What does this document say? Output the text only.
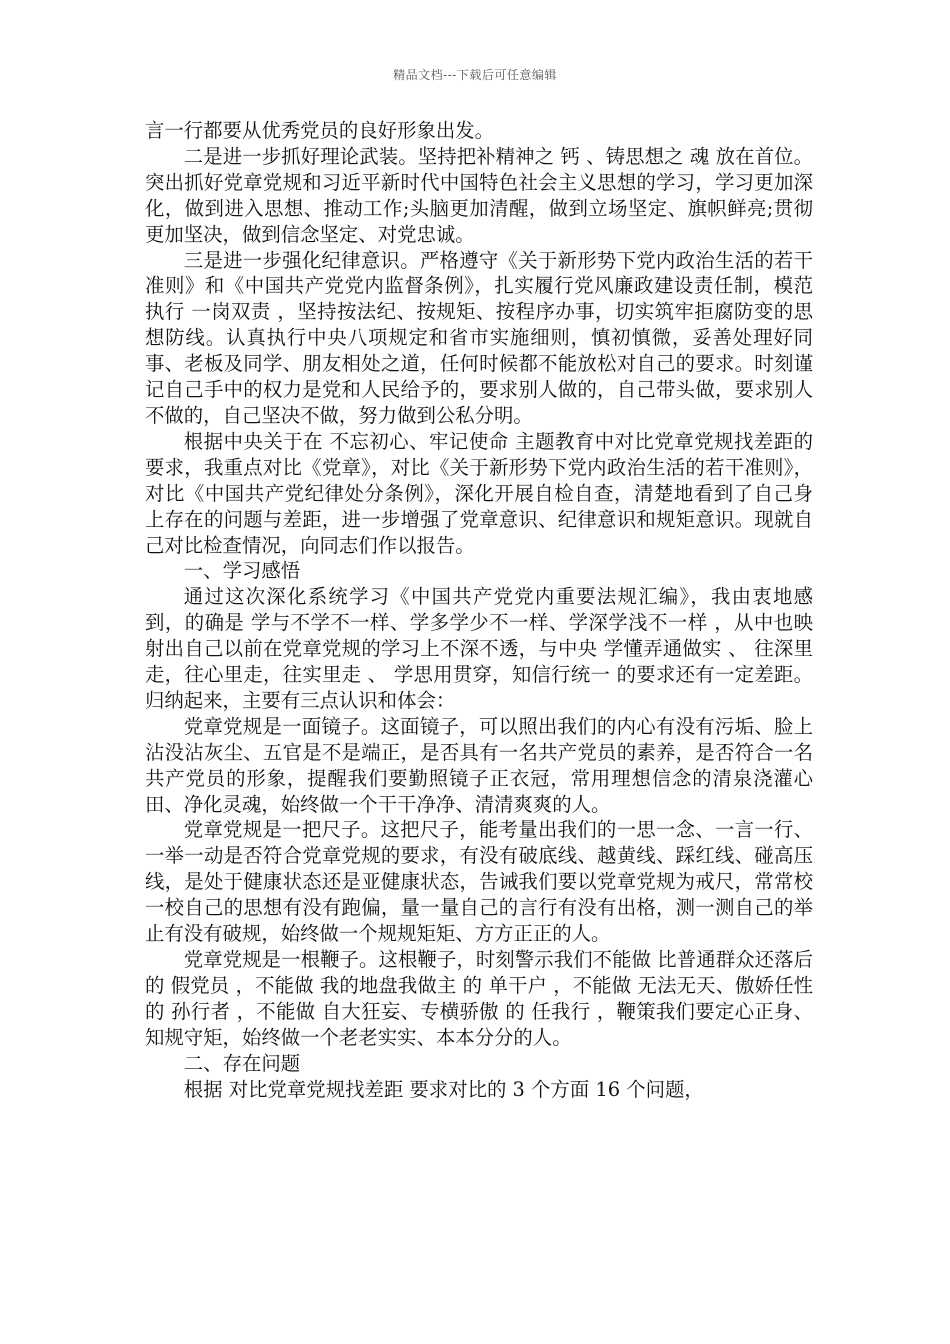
精品文档---下载后可任意编辑

言一行都要从优秀党员的良好形象出发。

二是进一步抓好理论武装。坚持把补精神之 钙 、铸思想之 魂 放在首位。突出抓好党章党规和习近平新时代中国特色社会主义思想的学习，学习更加深化，做到进入思想、推动工作;头脑更加清醒，做到立场坚定、旗帜鲜亮;贯彻更加坚决，做到信念坚定、对党忠诚。

三是进一步强化纪律意识。严格遵守《关于新形势下党内政治生活的若干准则》和《中国共产党党内监督条例》，扎实履行党风廉政建设责任制，模范执行 一岗双责 ，坚持按法纪、按规矩、按程序办事，切实筑牢拒腐防变的思想防线。认真执行中央八项规定和省市实施细则，慎初慎微，妥善处理好同事、老板及同学、朋友相处之道，任何时候都不能放松对自己的要求。时刻谨记自己手中的权力是党和人民给予的，要求别人做的，自己带头做，要求别人不做的，自己坚决不做，努力做到公私分明。

根据中央关于在 不忘初心、牢记使命 主题教育中对比党章党规找差距的要求，我重点对比《党章》，对比《关于新形势下党内政治生活的若干准则》，对比《中国共产党纪律处分条例》，深化开展自检自查，清楚地看到了自己身上存在的问题与差距，进一步增强了党章意识、纪律意识和规矩意识。现就自己对比检查情况，向同志们作以报告。

一、学习感悟

通过这次深化系统学习《中国共产党党内重要法规汇编》，我由衷地感到，的确是 学与不学不一样、学多学少不一样、学深学浅不一样 ，从中也映射出自己以前在党章党规的学习上不深不透，与中央 学懂弄通做实 、 往深里走，往心里走，往实里走 、 学思用贯穿，知信行统一 的要求还有一定差距。归纳起来，主要有三点认识和体会：

党章党规是一面镜子。这面镜子，可以照出我们的内心有没有污垢、脸上沾没沾灰尘、五官是不是端正，是否具有一名共产党员的素养，是否符合一名共产党员的形象，提醒我们要勤照镜子正衣冠，常用理想信念的清泉浇灌心田、净化灵魂，始终做一个干干净净、清清爽爽的人。

党章党规是一把尺子。这把尺子，能考量出我们的一思一念、一言一行、一举一动是否符合党章党规的要求，有没有破底线、越黄线、踩红线、碰高压线，是处于健康状态还是亚健康状态，告诫我们要以党章党规为戒尺，常常校一校自己的思想有没有跑偏，量一量自己的言行有没有出格，测一测自己的举止有没有破规，始终做一个规规矩矩、方方正正的人。

党章党规是一根鞭子。这根鞭子，时刻警示我们不能做 比普通群众还落后 的 假党员 ，不能做 我的地盘我做主 的 单干户 ，不能做 无法无天、傲娇任性 的 孙行者 ，不能做 自大狂妄、专横骄傲 的 任我行 ，鞭策我们要定心正身、知规守矩，始终做一个老老实实、本本分分的人。

二、存在问题

根据 对比党章党规找差距 要求对比的 3 个方面 16 个问题，
